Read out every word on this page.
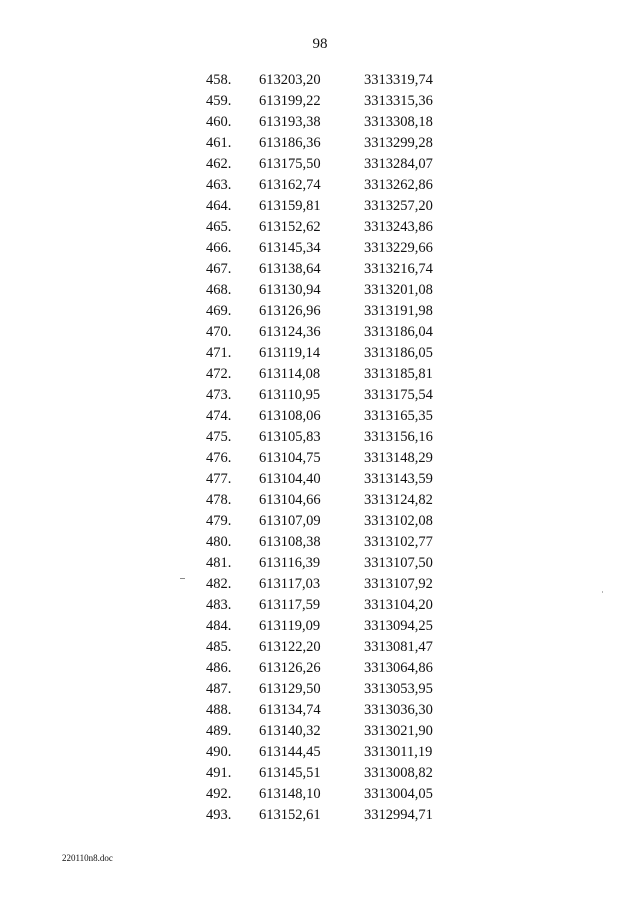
98
458. 613203,20	3313319,74
459. 613199,22	3313315,36
460. 613193,38	3313308,18
461. 613186,36	3313299,28
462. 613175,50	3313284,07
463. 613162,74	3313262,86
464. 613159,81	3313257,20
465. 613152,62	3313243,86
466. 613145,34	3313229,66
467. 613138,64	3313216,74
468. 613130,94	3313201,08
469. 613126,96	3313191,98
470. 613124,36	3313186,04
471. 613119,14	3313186,05
472. 613114,08	3313185,81
473. 613110,95	3313175,54
474. 613108,06	3313165,35
475. 613105,83	3313156,16
476. 613104,75	3313148,29
477. 613104,40	3313143,59
478. 613104,66	3313124,82
479. 613107,09	3313102,08
480. 613108,38	3313102,77
481. 613116,39	3313107,50
482. 613117,03	3313107,92
483. 613117,59	3313104,20
484. 613119,09	3313094,25
485. 613122,20	3313081,47
486. 613126,26	3313064,86
487. 613129,50	3313053,95
488. 613134,74	3313036,30
489. 613140,32	3313021,90
490. 613144,45	3313011,19
491. 613145,51	3313008,82
492. 613148,10	3313004,05
493. 613152,61	3312994,71
220110n8.doc
